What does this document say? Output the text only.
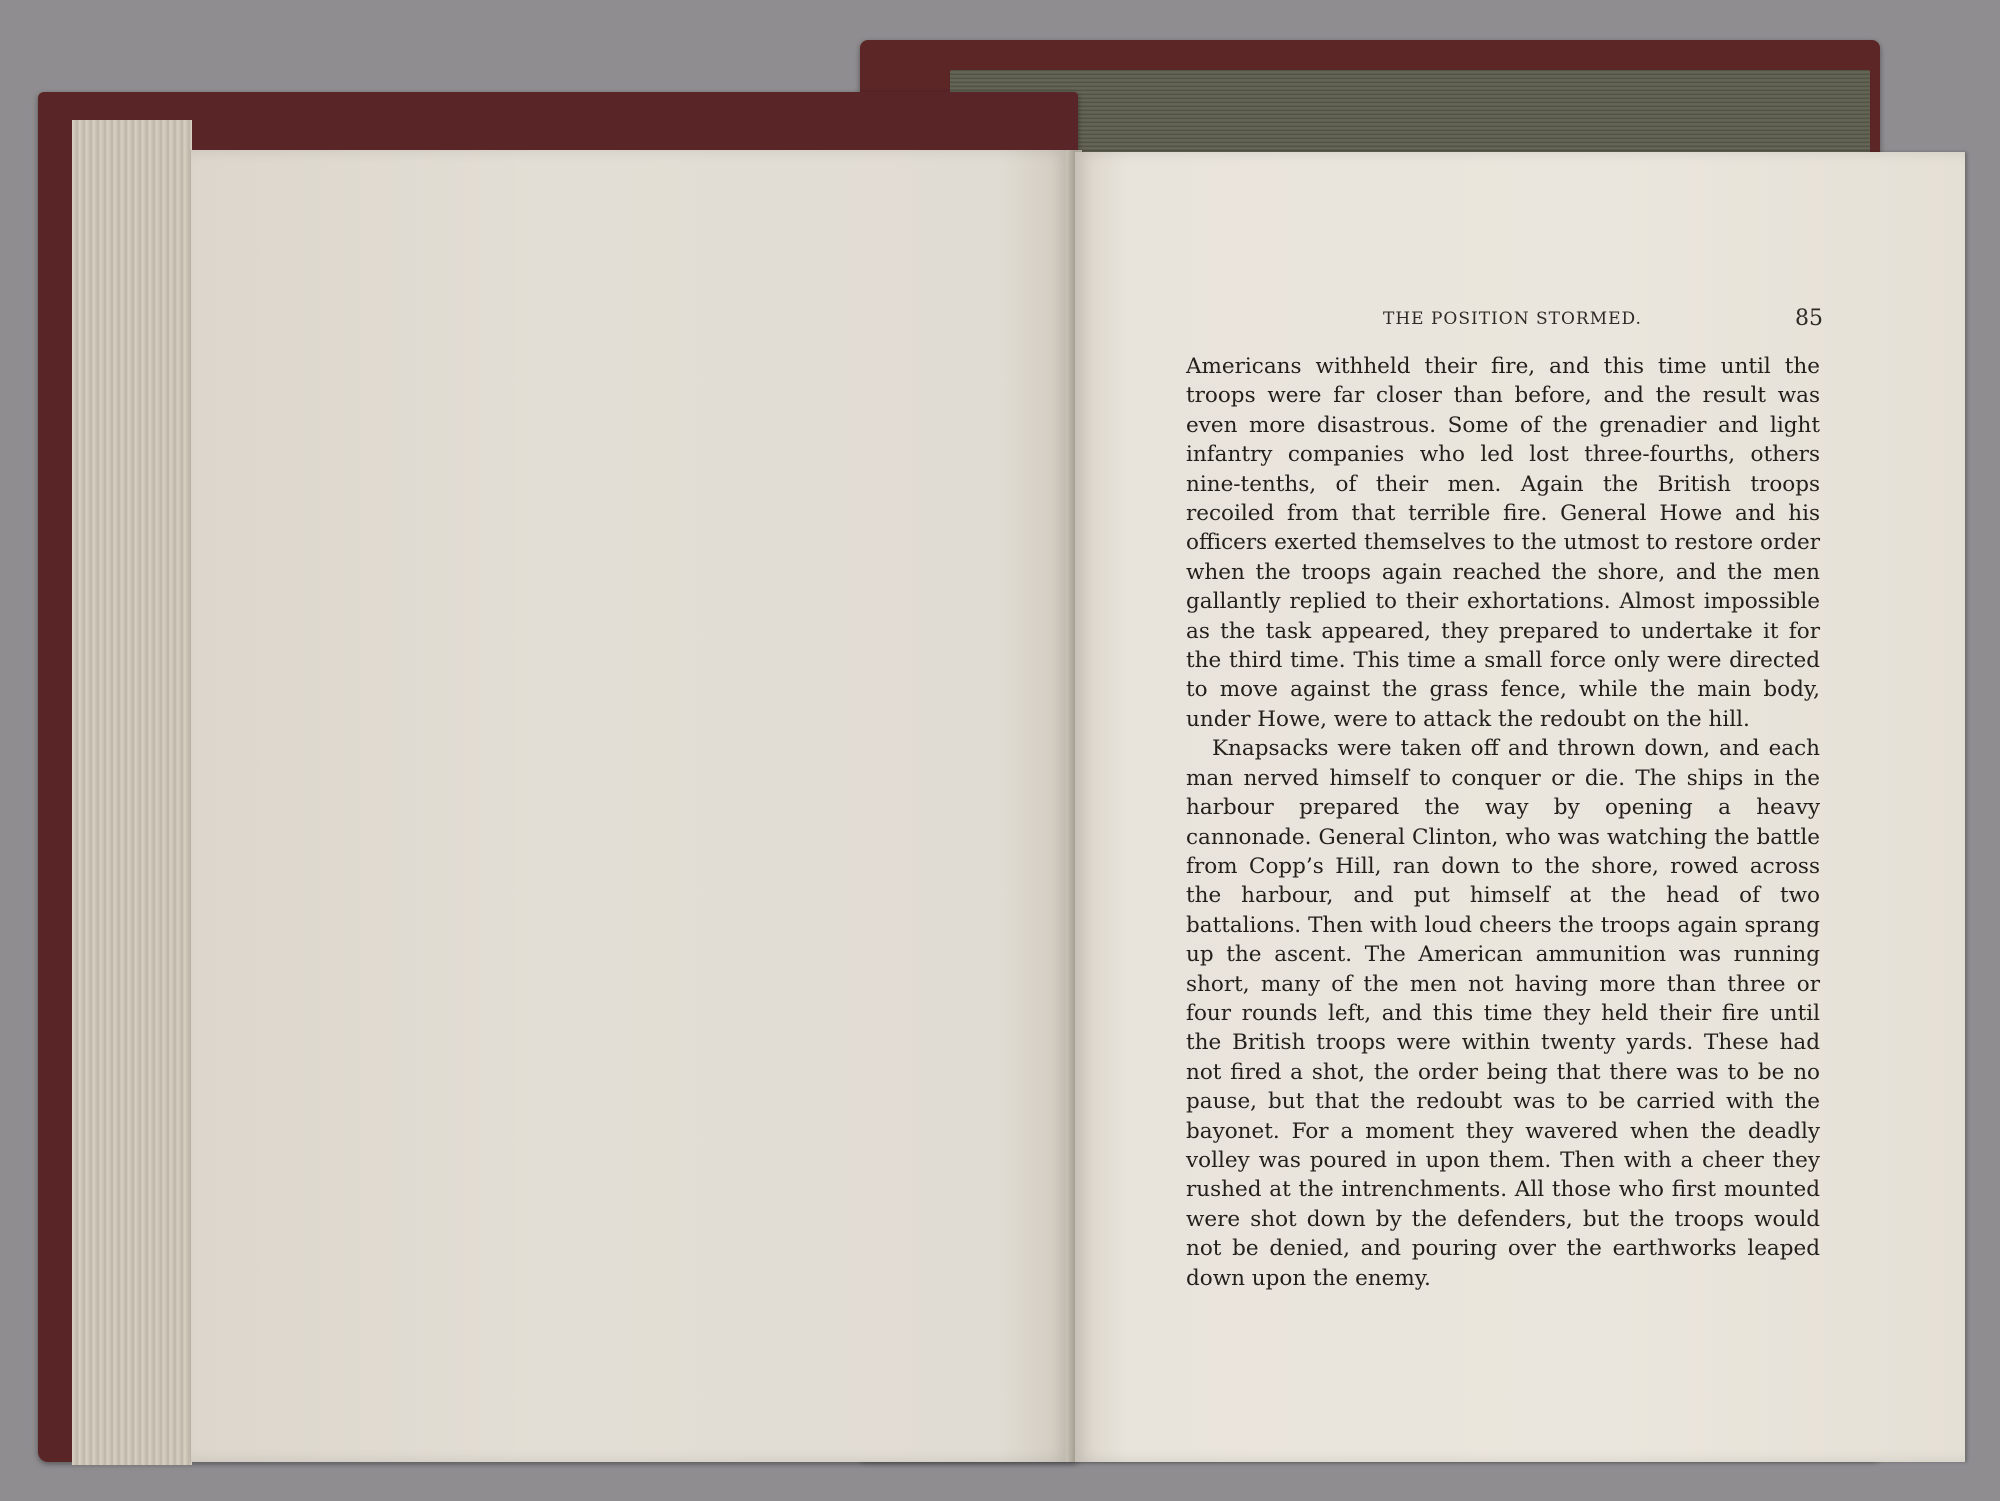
THE POSITION STORMED.	85

Americans withheld their fire, and this time until the troops were far closer than before, and the result was even more disastrous. Some of the grenadier and light infantry companies who led lost three-fourths, others nine-tenths, of their men. Again the British troops recoiled from that terrible fire. General Howe and his officers exerted themselves to the utmost to restore order when the troops again reached the shore, and the men gallantly replied to their exhortations. Almost impossible as the task appeared, they prepared to undertake it for the third time. This time a small force only were directed to move against the grass fence, while the main body, under Howe, were to attack the redoubt on the hill.

Knapsacks were taken off and thrown down, and each man nerved himself to conquer or die. The ships in the harbour prepared the way by opening a heavy cannonade. General Clinton, who was watching the battle from Copp’s Hill, ran down to the shore, rowed across the harbour, and put himself at the head of two battalions. Then with loud cheers the troops again sprang up the ascent. The American ammunition was running short, many of the men not having more than three or four rounds left, and this time they held their fire until the British troops were within twenty yards. These had not fired a shot, the order being that there was to be no pause, but that the redoubt was to be carried with the bayonet. For a moment they wavered when the deadly volley was poured in upon them. Then with a cheer they rushed at the intrenchments. All those who first mounted were shot down by the defenders, but the troops would not be denied, and pouring over the earthworks leaped down upon the enemy.
